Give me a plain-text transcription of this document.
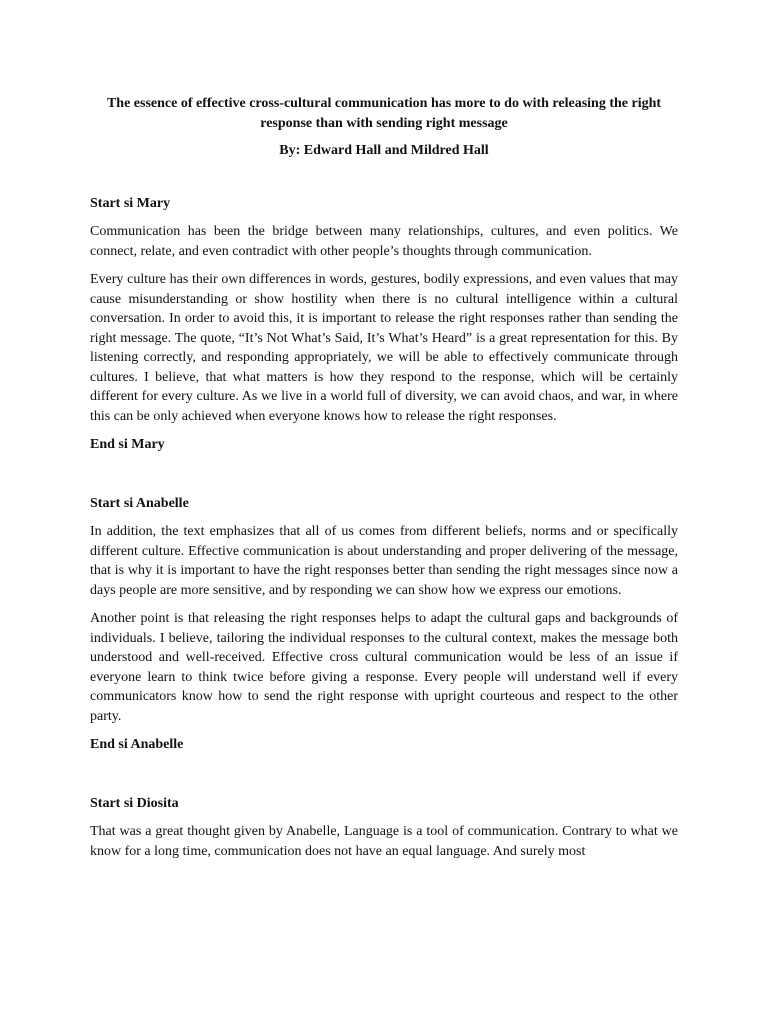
The essence of effective cross-cultural communication has more to do with releasing the right response than with sending right message

By: Edward Hall and Mildred Hall

Start si Mary

Communication has been the bridge between many relationships, cultures, and even politics. We connect, relate, and even contradict with other people’s thoughts through communication.

Every culture has their own differences in words, gestures, bodily expressions, and even values that may cause misunderstanding or show hostility when there is no cultural intelligence within a cultural conversation. In order to avoid this, it is important to release the right responses rather than sending the right message. The quote, “It’s Not What’s Said, It’s What’s Heard” is a great representation for this. By listening correctly, and responding appropriately, we will be able to effectively communicate through cultures. I believe, that what matters is how they respond to the response, which will be certainly different for every culture. As we live in a world full of diversity, we can avoid chaos, and war, in where this can be only achieved when everyone knows how to release the right responses.

End si Mary

Start si Anabelle

In addition, the text emphasizes that all of us comes from different beliefs, norms and or specifically different culture. Effective communication is about understanding and proper delivering of the message, that is why it is important to have the right responses better than sending the right messages since now a days people are more sensitive, and by responding we can show how we express our emotions.

Another point is that releasing the right responses helps to adapt the cultural gaps and backgrounds of individuals. I believe, tailoring the individual responses to the cultural context, makes the message both understood and well-received. Effective cross cultural communication would be less of an issue if everyone learn to think twice before giving a response. Every people will understand well if every communicators know how to send the right response with upright courteous and respect to the other party.

End si Anabelle

Start si Diosita

That was a great thought given by Anabelle, Language is a tool of communication. Contrary to what we know for a long time, communication does not have an equal language. And surely most
